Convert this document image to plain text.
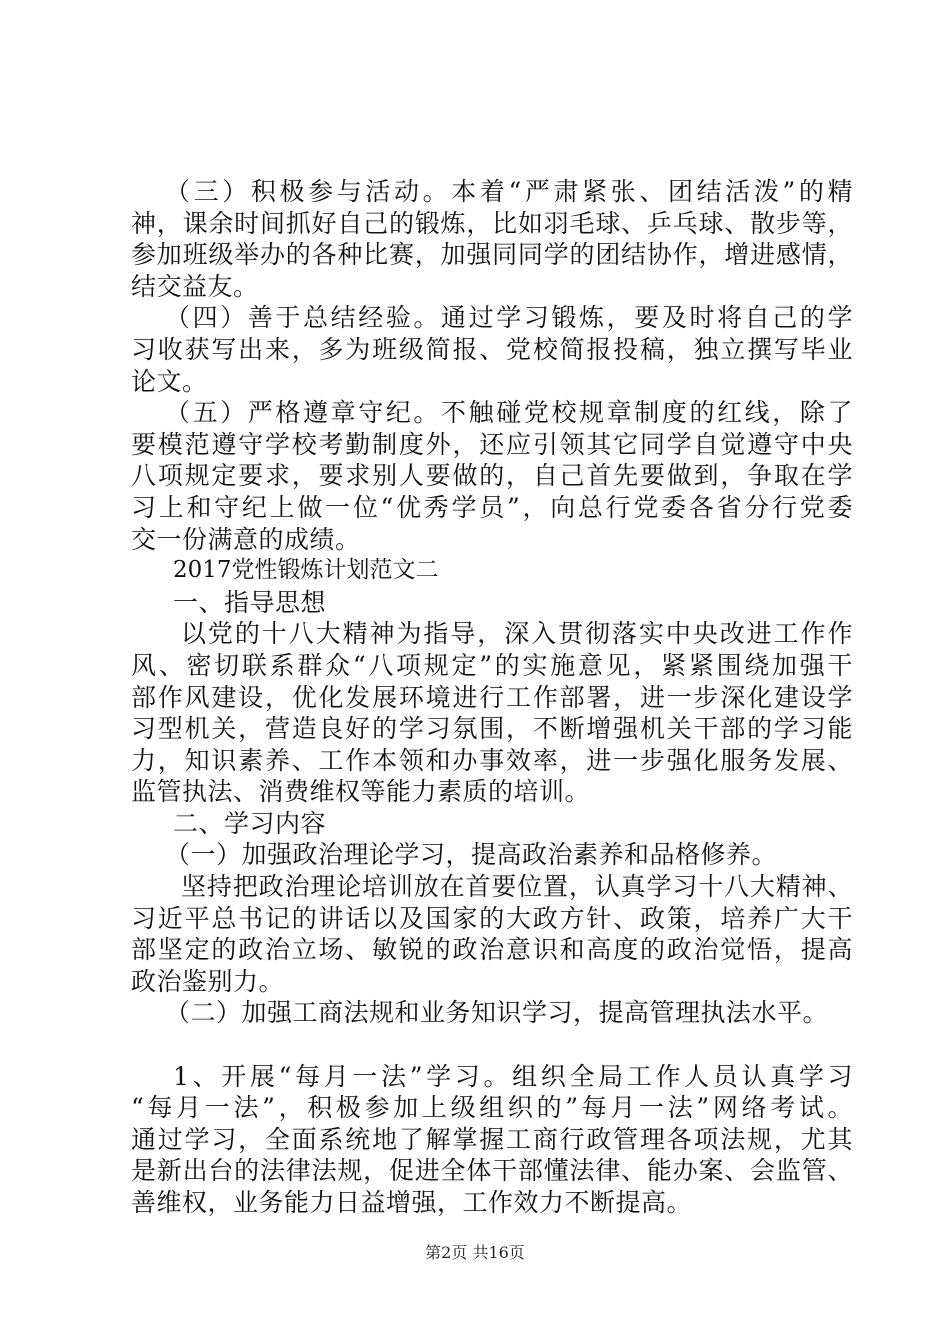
（三）积极参与活动。本着“严肃紧张、团结活泼”的精
神，课余时间抓好自己的锻炼，比如羽毛球、乒乓球、散步等，
参加班级举办的各种比赛，加强同同学的团结协作，增进感情，
结交益友。
（四）善于总结经验。通过学习锻炼，要及时将自己的学
习收获写出来，多为班级简报、党校简报投稿，独立撰写毕业
论文。
（五）严格遵章守纪。不触碰党校规章制度的红线，除了
要模范遵守学校考勤制度外，还应引领其它同学自觉遵守中央
八项规定要求，要求别人要做的，自己首先要做到，争取在学
习上和守纪上做一位“优秀学员”，向总行党委各省分行党委
交一份满意的成绩。
2017党性锻炼计划范文二
一、指导思想
以党的十八大精神为指导，深入贯彻落实中央改进工作作
风、密切联系群众“八项规定”的实施意见，紧紧围绕加强干
部作风建设，优化发展环境进行工作部署，进一步深化建设学
习型机关，营造良好的学习氛围，不断增强机关干部的学习能
力，知识素养、工作本领和办事效率，进一步强化服务发展、
监管执法、消费维权等能力素质的培训。
二、学习内容
（一）加强政治理论学习，提高政治素养和品格修养。
坚持把政治理论培训放在首要位置，认真学习十八大精神、
习近平总书记的讲话以及国家的大政方针、政策，培养广大干
部坚定的政治立场、敏锐的政治意识和高度的政治觉悟，提高
政治鉴别力。
（二）加强工商法规和业务知识学习，提高管理执法水平。
1、开展“每月一法”学习。组织全局工作人员认真学习
“每月一法”，积极参加上级组织的”每月一法”网络考试。
通过学习，全面系统地了解掌握工商行政管理各项法规，尤其
是新出台的法律法规，促进全体干部懂法律、能办案、会监管、
善维权，业务能力日益增强，工作效力不断提高。
第2页 共16页
